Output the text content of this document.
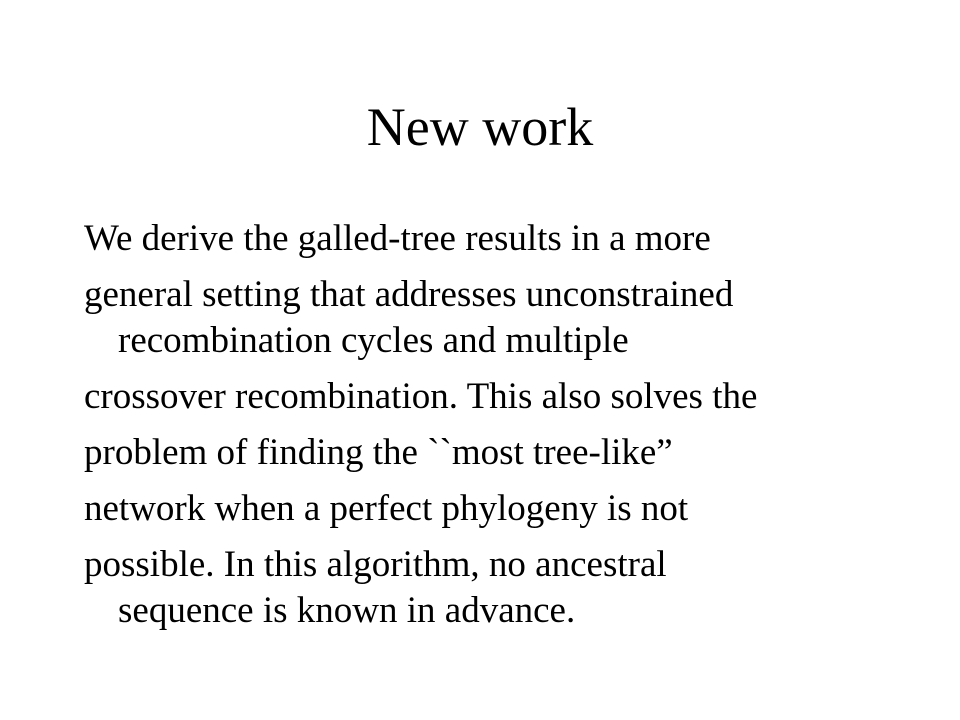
New work

We derive the galled-tree results in a more

general setting that addresses unconstrained

recombination cycles and multiple

crossover recombination. This also solves the

problem of finding the ``most tree-like”

network when a perfect phylogeny is not

possible. In this algorithm, no ancestral

sequence is known in advance.
